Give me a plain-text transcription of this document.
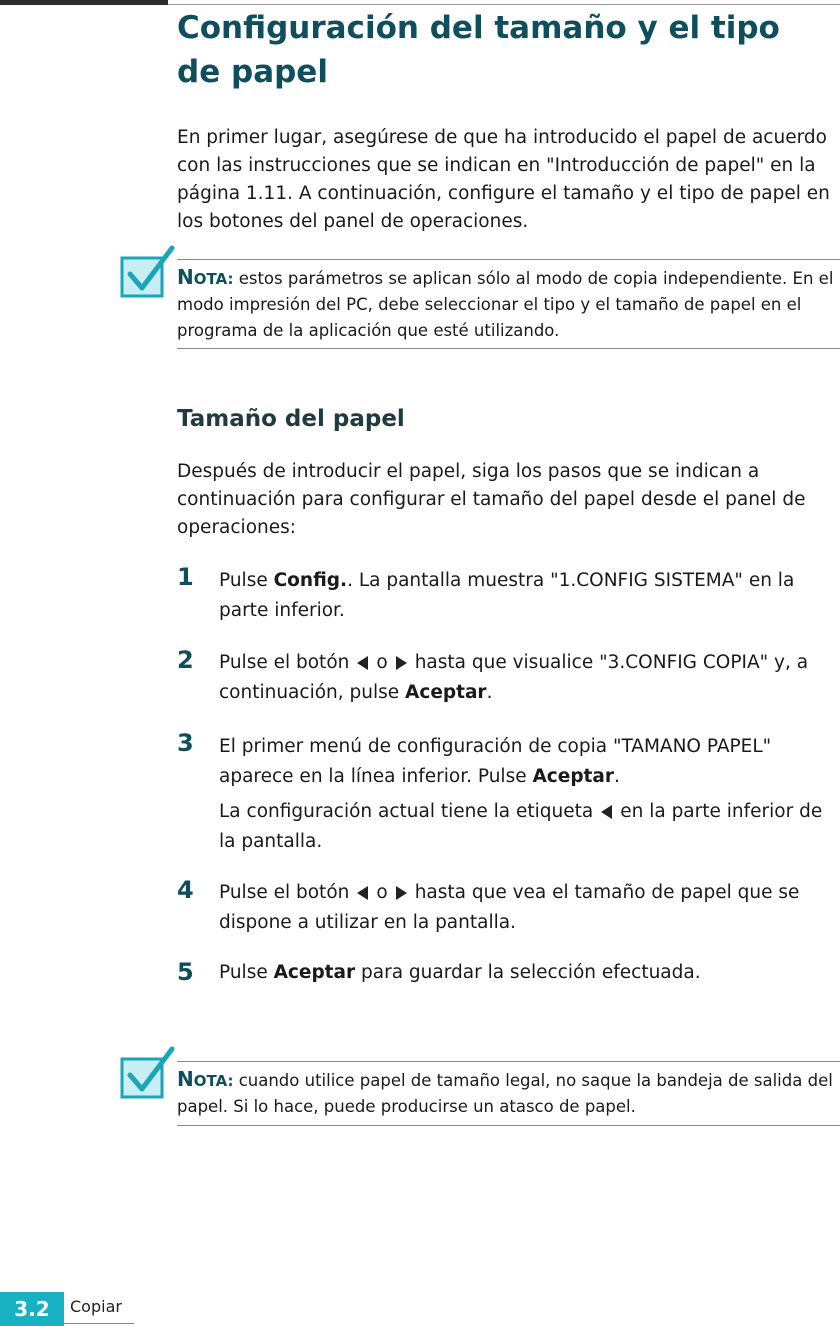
Configuración del tamaño y el tipo de papel
En primer lugar, asegúrese de que ha introducido el papel de acuerdo con las instrucciones que se indican en "Introducción de papel" en la página 1.11. A continuación, configure el tamaño y el tipo de papel en los botones del panel de operaciones.
NOTA: estos parámetros se aplican sólo al modo de copia independiente. En el modo impresión del PC, debe seleccionar el tipo y el tamaño de papel en el programa de la aplicación que esté utilizando.
Tamaño del papel
Después de introducir el papel, siga los pasos que se indican a continuación para configurar el tamaño del papel desde el panel de operaciones:
1 Pulse Config.. La pantalla muestra "1.CONFIG SISTEMA" en la parte inferior.
2 Pulse el botón o hasta que visualice "3.CONFIG COPIA" y, a continuación, pulse Aceptar.
3 El primer menú de configuración de copia "TAMANO PAPEL" aparece en la línea inferior. Pulse Aceptar.
La configuración actual tiene la etiqueta en la parte inferior de la pantalla.
4 Pulse el botón o hasta que vea el tamaño de papel que se dispone a utilizar en la pantalla.
5 Pulse Aceptar para guardar la selección efectuada.
NOTA: cuando utilice papel de tamaño legal, no saque la bandeja de salida del papel. Si lo hace, puede producirse un atasco de papel.
3.2	Copiar
